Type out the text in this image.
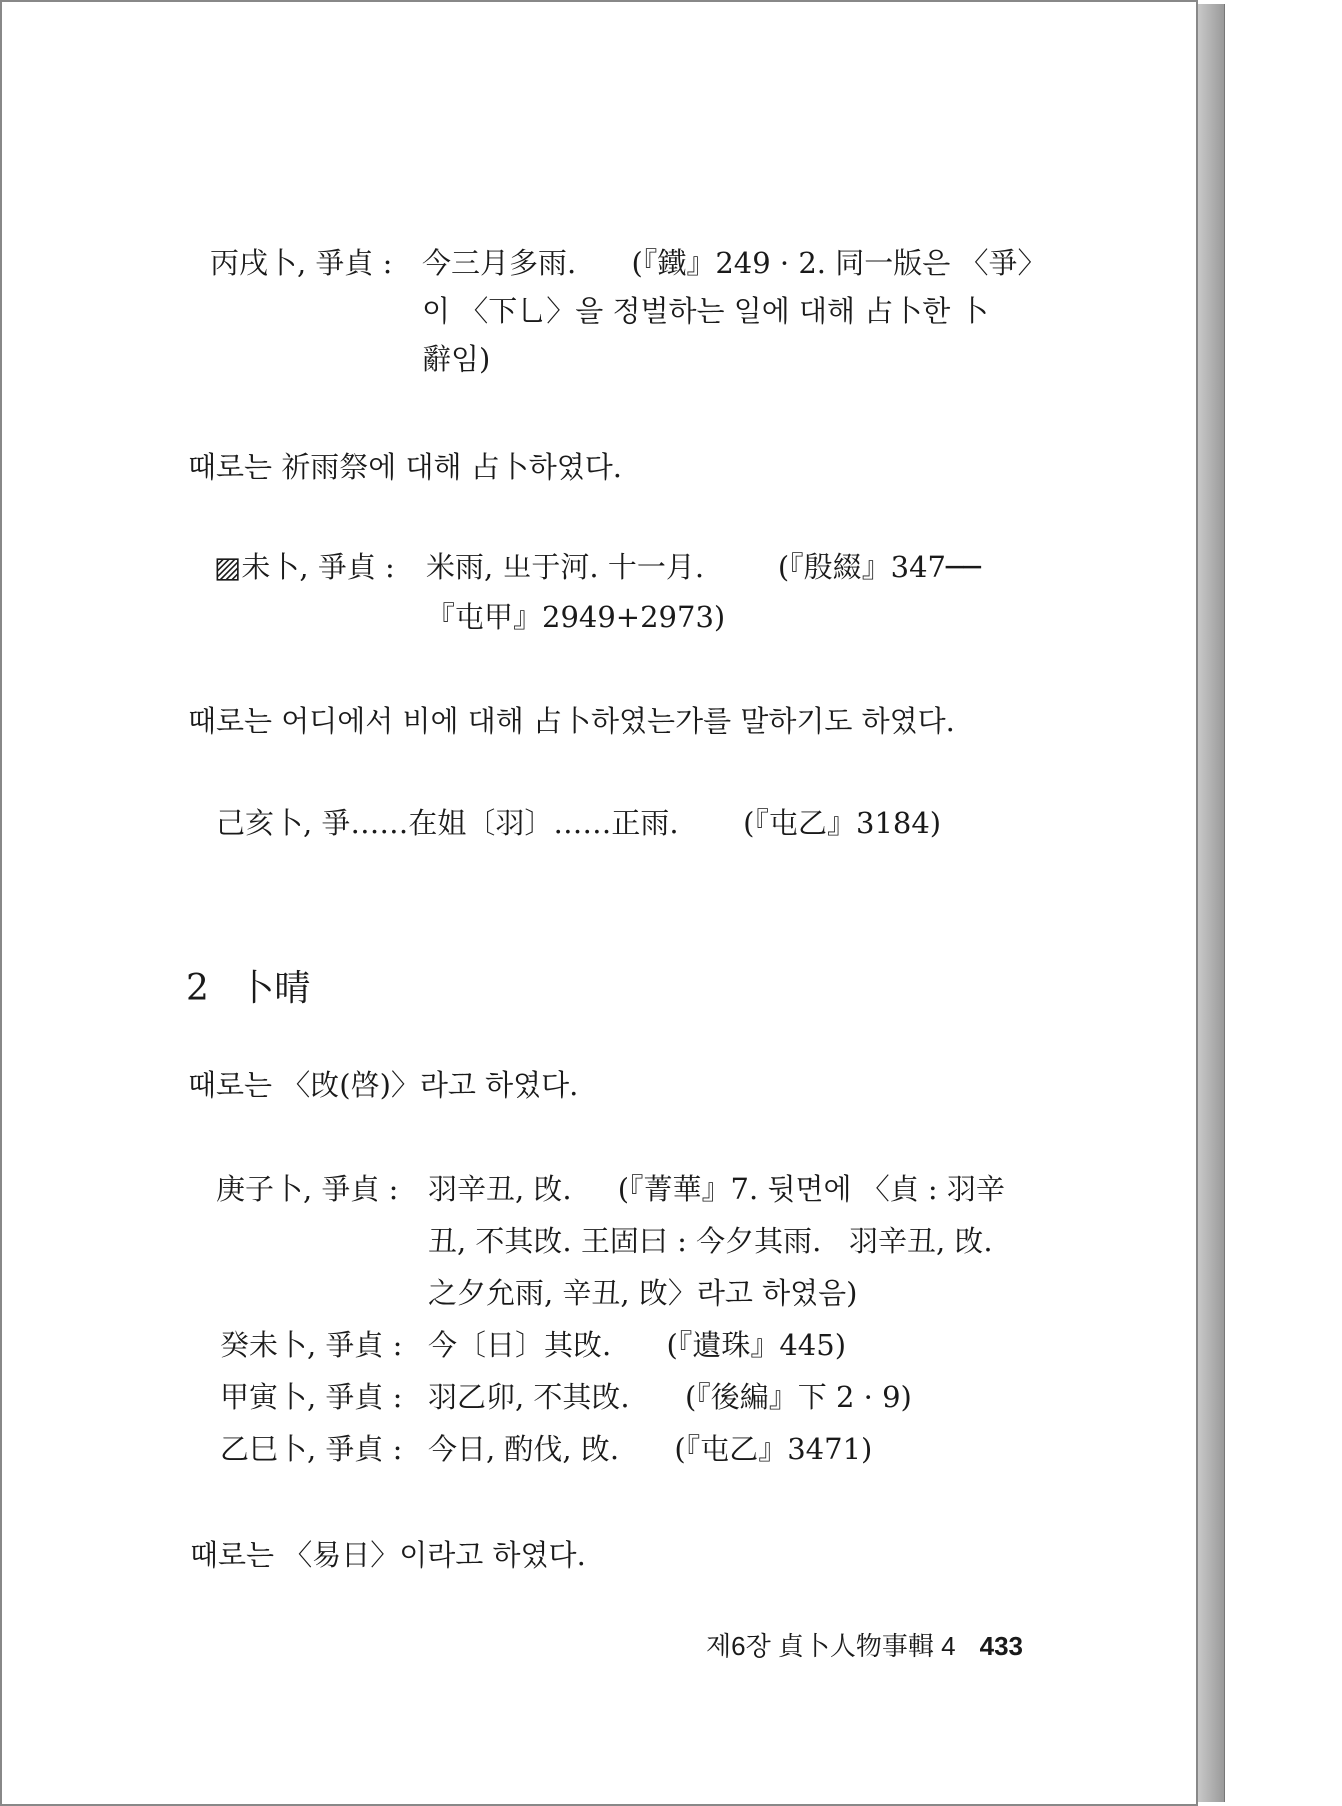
丙戌卜, 爭貞 : 今三月多雨.      (『鐵』249 · 2. 同一版은 〈爭〉
이 〈下乚〉을 정벌하는 일에 대해 占卜한 卜
辭임)
때로는 祈雨祭에 대해 占卜하였다.
▨未卜, 爭貞 : 米雨, 㞢于河. 十一月.        (『殷綴』347──
『屯甲』2949+2973)
때로는 어디에서 비에 대해 占卜하였는가를 말하기도 하였다.
己亥卜, 爭……在姐〔羽〕……正雨.       (『屯乙』3184)
2 卜晴
때로는 〈攺(啓)〉라고 하였다.
庚子卜, 爭貞 : 羽辛丑, 攺.     (『菁華』7. 뒷면에 〈貞 : 羽辛
丑, 不其攺. 王固曰 : 今夕其雨.   羽辛丑, 攺.
之夕允雨, 辛丑, 攺〉라고 하였음)
癸未卜, 爭貞 : 今〔日〕其攺.      (『遺珠』445)
甲寅卜, 爭貞 : 羽乙卯, 不其攺.      (『後編』下 2 · 9)
乙巳卜, 爭貞 : 今日, 酌伐, 攺.      (『屯乙』3471)
때로는 〈易日〉이라고 하였다.
제6장 貞卜人物事輯 4 433
